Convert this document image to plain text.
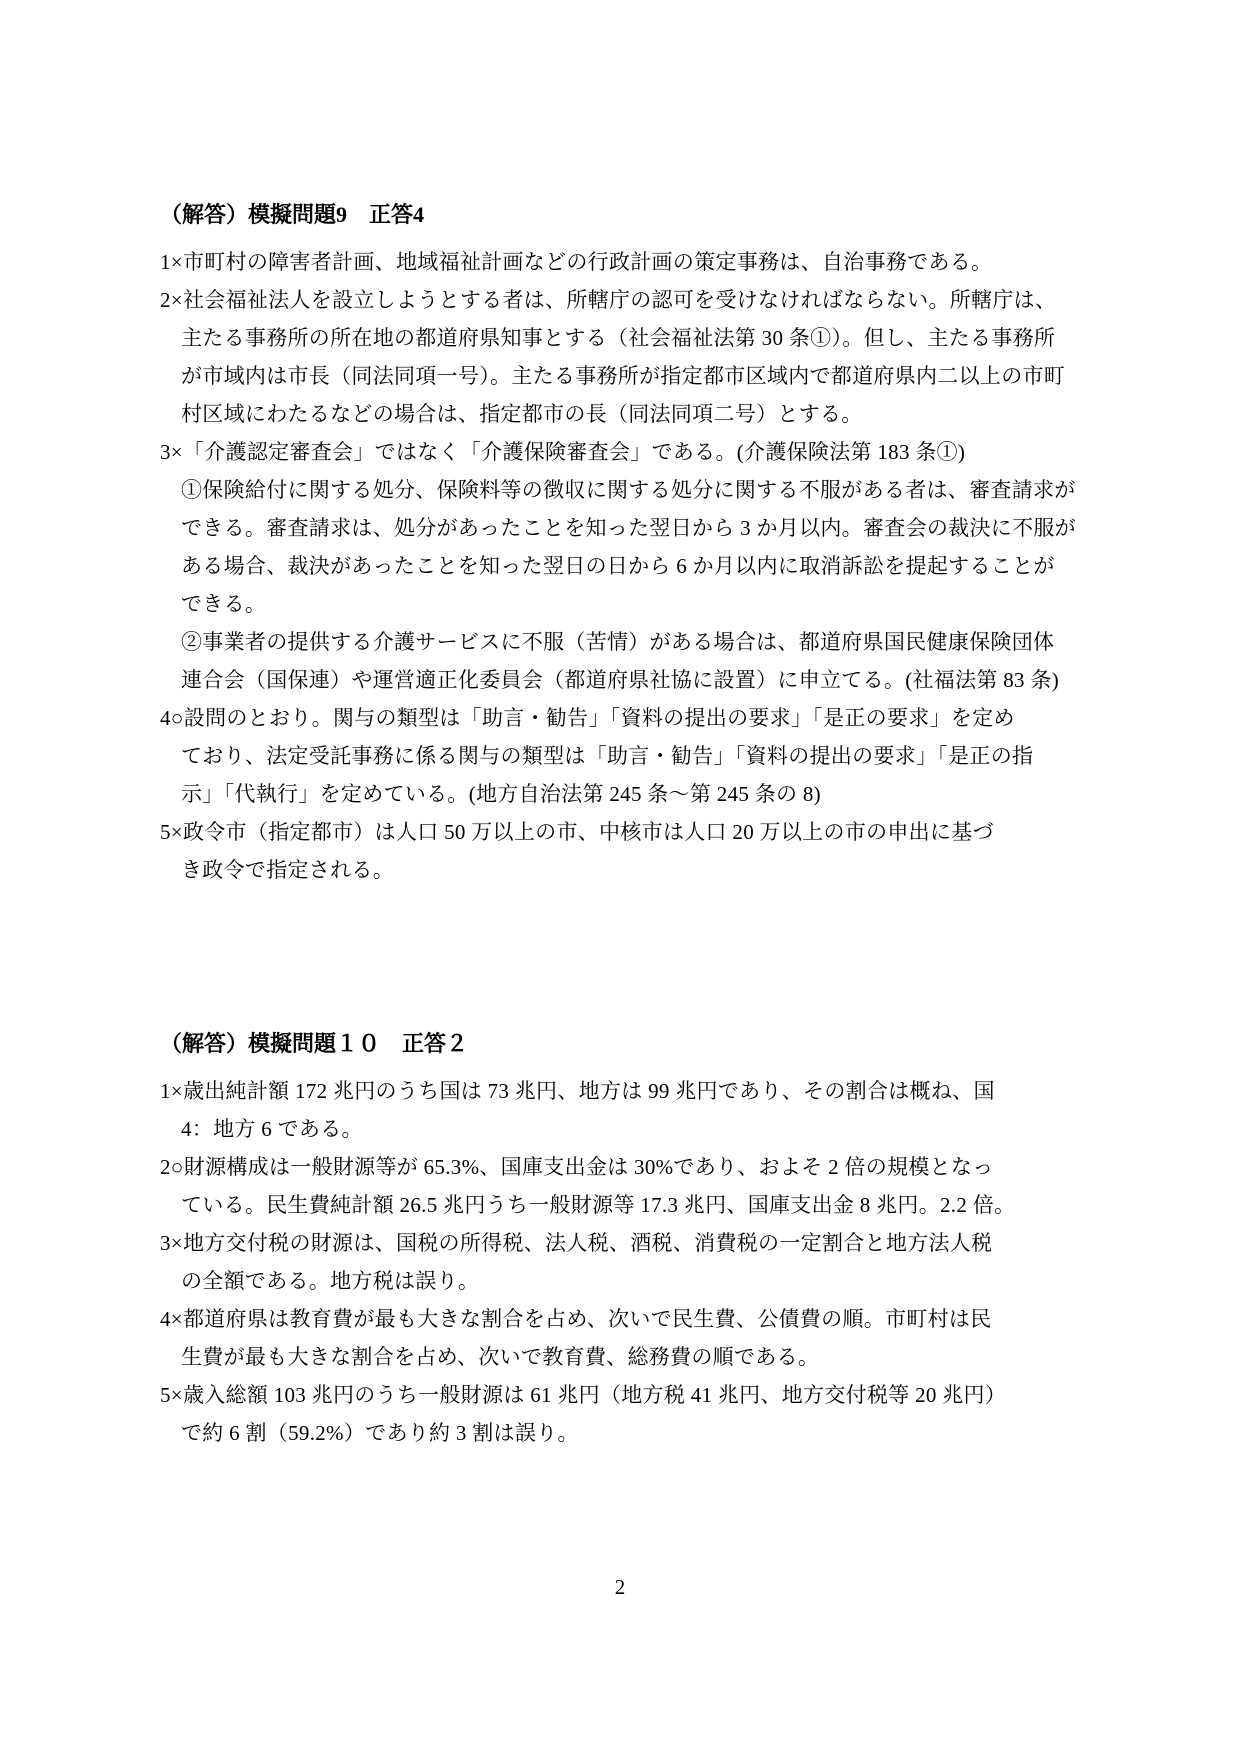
（解答）模擬問題9　正答4

1×市町村の障害者計画、地域福祉計画などの行政計画の策定事務は、自治事務である。

2×社会福祉法人を設立しようとする者は、所轄庁の認可を受けなければならない。所轄庁は、

主たる事務所の所在地の都道府県知事とする（社会福祉法第 30 条①）。但し、主たる事務所

が市域内は市長（同法同項一号）。主たる事務所が指定都市区域内で都道府県内二以上の市町

村区域にわたるなどの場合は、指定都市の長（同法同項二号）とする。

3×「介護認定審査会」ではなく「介護保険審査会」である。(介護保険法第 183 条①)

①保険給付に関する処分、保険料等の徴収に関する処分に関する不服がある者は、審査請求が

できる。審査請求は、処分があったことを知った翌日から 3 か月以内。審査会の裁決に不服が

ある場合、裁決があったことを知った翌日の日から 6 か月以内に取消訴訟を提起することが

できる。

②事業者の提供する介護サービスに不服（苦情）がある場合は、都道府県国民健康保険団体

連合会（国保連）や運営適正化委員会（都道府県社協に設置）に申立てる。(社福法第 83 条)

4○設問のとおり。関与の類型は「助言・勧告」「資料の提出の要求」「是正の要求」を定め

ており、法定受託事務に係る関与の類型は「助言・勧告」「資料の提出の要求」「是正の指

示」「代執行」を定めている。(地方自治法第 245 条～第 245 条の 8)

5×政令市（指定都市）は人口 50 万以上の市、中核市は人口 20 万以上の市の申出に基づ

き政令で指定される。

（解答）模擬問題１０　正答２

1×歳出純計額 172 兆円のうち国は 73 兆円、地方は 99 兆円であり、その割合は概ね、国

4：地方 6 である。

2○財源構成は一般財源等が 65.3%、国庫支出金は 30%であり、およそ 2 倍の規模となっ

ている。民生費純計額 26.5 兆円うち一般財源等 17.3 兆円、国庫支出金 8 兆円。2.2 倍。

3×地方交付税の財源は、国税の所得税、法人税、酒税、消費税の一定割合と地方法人税

の全額である。地方税は誤り。

4×都道府県は教育費が最も大きな割合を占め、次いで民生費、公債費の順。市町村は民

生費が最も大きな割合を占め、次いで教育費、総務費の順である。

5×歳入総額 103 兆円のうち一般財源は 61 兆円（地方税 41 兆円、地方交付税等 20 兆円）

で約 6 割（59.2%）であり約 3 割は誤り。

2
